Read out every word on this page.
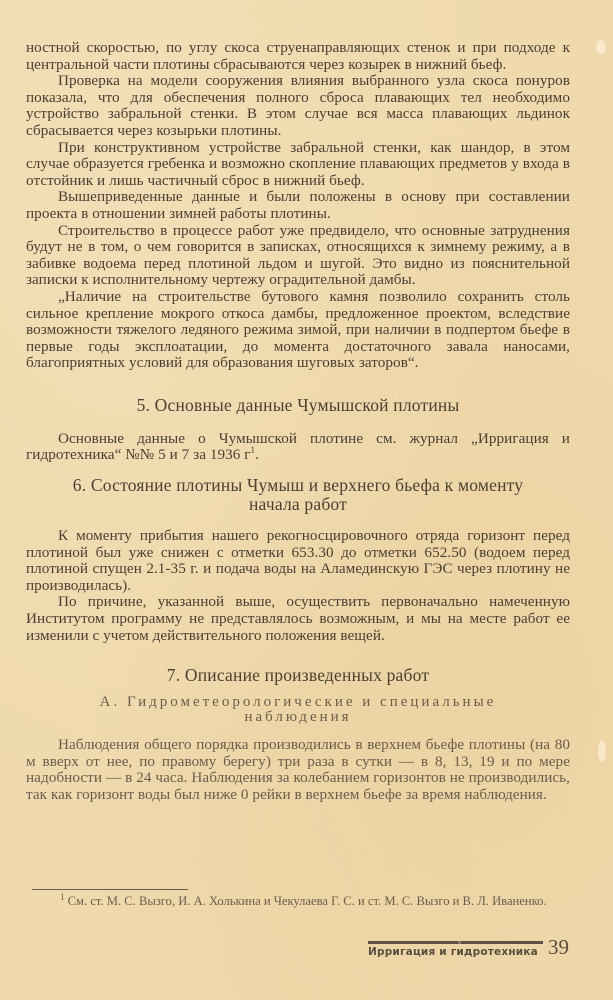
ностной скоростью, по углу скоса струенаправляющих стенок и при подходе к центральной части плотины сбрасываются через козырек в нижний бьеф.

Проверка на модели сооружения влияния выбранного узла скоса понуров показала, что для обеспечения полного сброса плавающих тел необходимо устройство забральной стенки. В этом случае вся масса плавающих льдинок сбрасывается через козырьки плотины.

При конструктивном устройстве забральной стенки, как шандор, в этом случае образуется гребенка и возможно скопление плавающих предметов у входа в отстойник и лишь частичный сброс в нижний бьеф.

Вышеприведенные данные и были положены в основу при составлении проекта в отношении зимней работы плотины.

Строительство в процессе работ уже предвидело, что основные затруднения будут не в том, о чем говорится в записках, относящихся к зимнему режиму, а в забивке водоема перед плотиной льдом и шугой. Это видно из пояснительной записки к исполнительному чертежу оградительной дамбы.

„Наличие на строительстве бутового камня позволило сохранить столь сильное крепление мокрого откоса дамбы, предложенное проектом, вследствие возможности тяжелого ледяного режима зимой, при наличии в подпертом бьефе в первые годы эксплоатации, до момента достаточного завала наносами, благоприятных условий для образования шуговых заторов“.

5. Основные данные Чумышской плотины

Основные данные о Чумышской плотине см. журнал „Ирригация и гидротехника“ №№ 5 и 7 за 1936 $г^1$.

6. Состояние плотины Чумыш и верхнего бьефа к моменту
начала работ

К моменту прибытия нашего рекогносцировочного отряда горизонт перед плотиной был уже снижен с отметки 653.30 до отметки 652.50 (водоем перед плотиной спущен 2.1-35 г. и подача воды на Аламединскую ГЭС через плотину не производилась).

По причине, указанной выше, осуществить первоначально намеченную Институтом программу не представлялось возможным, и мы на месте работ ее изменили с учетом действительного положения вещей.

7. Описание произведенных работ
А. Гидрометеорологические и специальные
наблюдения

Наблюдения общего порядка производились в верхнем бьефе плотины (на 80 м вверх от нее, по правому берегу) три раза в сутки — в 8, 13, 19 и по мере надобности — в 24 часа. Наблюдения за колебанием горизонтов не производились, так как горизонт воды был ниже 0 рейки в верхнем бьефе за время наблюдения.

$^1$ См. ст. М. С. Вызго, И. А. Холькина и Чекулаева Г. С. и ст. М. С. Вызго и В. Л. Иваненко.
Ирригация и гидротехника 39
